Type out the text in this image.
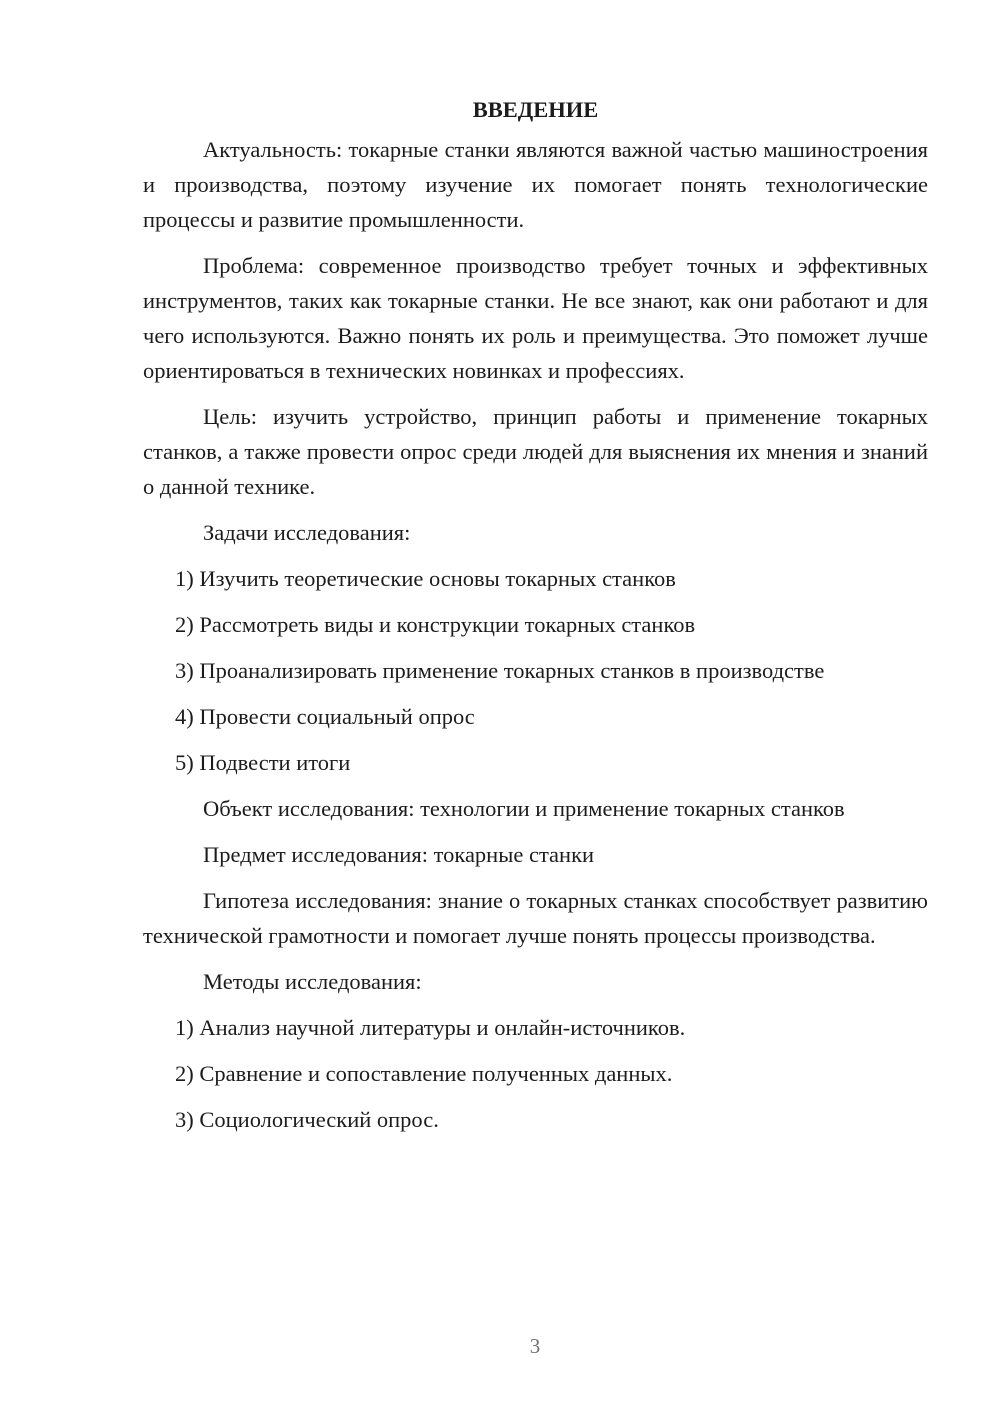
ВВЕДЕНИЕ

Актуальность: токарные станки являются важной частью машиностроения и производства, поэтому изучение их помогает понять технологические процессы и развитие промышленности.

Проблема: современное производство требует точных и эффективных инструментов, таких как токарные станки. Не все знают, как они работают и для чего используются. Важно понять их роль и преимущества. Это поможет лучше ориентироваться в технических новинках и профессиях.

Цель: изучить устройство, принцип работы и применение токарных станков, а также провести опрос среди людей для выяснения их мнения и знаний о данной технике.

Задачи исследования:

1) Изучить теоретические основы токарных станков
2) Рассмотреть виды и конструкции токарных станков
3) Проанализировать применение токарных станков в производстве
4) Провести социальный опрос
5) Подвести итоги

Объект исследования: технологии и применение токарных станков

Предмет исследования: токарные станки

Гипотеза исследования: знание о токарных станках способствует развитию технической грамотности и помогает лучше понять процессы производства.

Методы исследования:

1) Анализ научной литературы и онлайн-источников.
2) Сравнение и сопоставление полученных данных.
3) Социологический опрос.
3
